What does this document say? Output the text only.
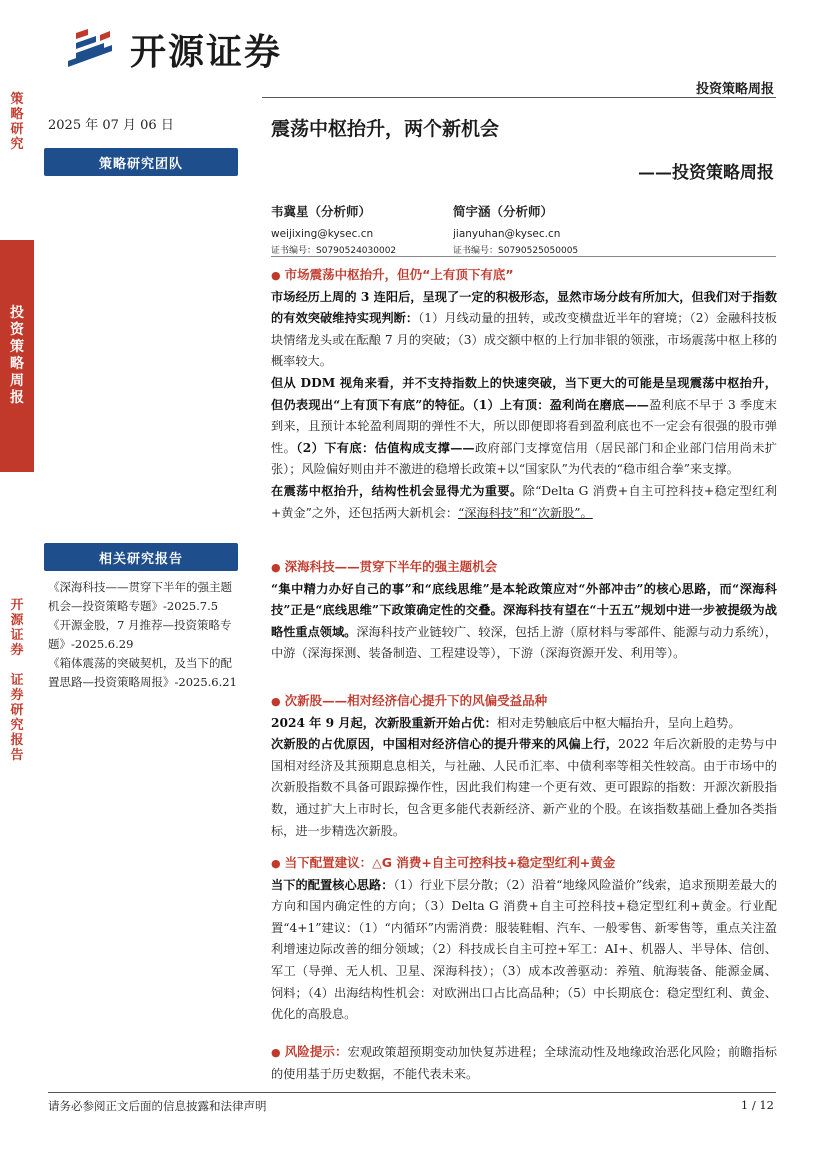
开源证券
投资策略周报
策
略
研
究
投
资
策
略
周
报
开
源
证
券

证
券
研
究
报
告
2025 年 07 月 06 日
策略研究团队
相关研究报告

《深海科技——贯穿下半年的强主题机会—投资策略专题》-2025.7.5

《开源金股，7 月推荐—投资策略专题》-2025.6.29

《箱体震荡的突破契机，及当下的配置思路—投资策略周报》-2025.6.21

震荡中枢抬升，两个新机会
——投资策略周报
韦冀星（分析师）
weijixing@kysec.cn
证书编号：S0790524030002
简宇涵（分析师）
jianyuhan@kysec.cn
证书编号：S0790525050005
● 市场震荡中枢抬升，但仍“上有顶下有底”
市场经历上周的 3 连阳后，呈现了一定的积极形态，显然市场分歧有所加大，但我们对于指数的有效突破维持实现判断：（1）月线动量的扭转，或改变横盘近半年的窘境；（2）金融科技板块情绪龙头或在酝酿 7 月的突破；（3）成交额中枢的上行加非银的领涨，市场震荡中枢上移的概率较大。
但从 DDM 视角来看，并不支持指数上的快速突破，当下更大的可能是呈现震荡中枢抬升，但仍表现出“上有顶下有底”的特征。（1）上有顶：盈利尚在磨底——盈利底不早于 3 季度末到来，且预计本轮盈利周期的弹性不大，所以即便即将看到盈利底也不一定会有很强的股市弹性。（2）下有底：估值构成支撑——政府部门支撑宽信用（居民部门和企业部门信用尚未扩张）；风险偏好则由并不激进的稳增长政策+以“国家队”为代表的“稳市组合拳”来支撑。
在震荡中枢抬升，结构性机会显得尤为重要。除“Delta G 消费+自主可控科技+稳定型红利+黄金”之外，还包括两大新机会：“深海科技”和“次新股”。
● 深海科技——贯穿下半年的强主题机会
“集中精力办好自己的事”和“底线思维”是本轮政策应对“外部冲击”的核心思路，而“深海科技”正是“底线思维”下政策确定性的交叠。深海科技有望在“十五五”规划中进一步被提级为战略性重点领域。深海科技产业链较广、较深，包括上游（原材料与零部件、能源与动力系统），中游（深海探测、装备制造、工程建设等），下游（深海资源开发、利用等）。
● 次新股——相对经济信心提升下的风偏受益品种
2024 年 9 月起，次新股重新开始占优：相对走势触底后中枢大幅抬升，呈向上趋势。
次新股的占优原因，中国相对经济信心的提升带来的风偏上行，2022 年后次新股的走势与中国相对经济及其预期息息相关，与社融、人民币汇率、中债利率等相关性较高。由于市场中的次新股指数不具备可跟踪操作性，因此我们构建一个更有效、更可跟踪的指数：开源次新股指数，通过扩大上市时长，包含更多能代表新经济、新产业的个股。在该指数基础上叠加各类指标，进一步精选次新股。
● 当下配置建议：△G 消费+自主可控科技+稳定型红利+黄金
当下的配置核心思路：（1）行业下层分散；（2）沿着“地缘风险溢价”线索，追求预期差最大的方向和国内确定性的方向；（3）Delta G 消费+自主可控科技+稳定型红利+黄金。行业配置“4+1”建议：（1）“内循环”内需消费：服装鞋帽、汽车、一般零售、新零售等，重点关注盈利增速边际改善的细分领域；（2）科技成长自主可控+军工：AI+、机器人、半导体、信创、军工（导弹、无人机、卫星、深海科技）；（3）成本改善驱动：养殖、航海装备、能源金属、饲料；（4）出海结构性机会：对欧洲出口占比高品种；（5）中长期底仓：稳定型红利、黄金、优化的高股息。
● 风险提示：宏观政策超预期变动加快复苏进程；全球流动性及地缘政治恶化风险；前瞻指标的使用基于历史数据，不能代表未来。
请务必参阅正文后面的信息披露和法律声明	1 / 12
